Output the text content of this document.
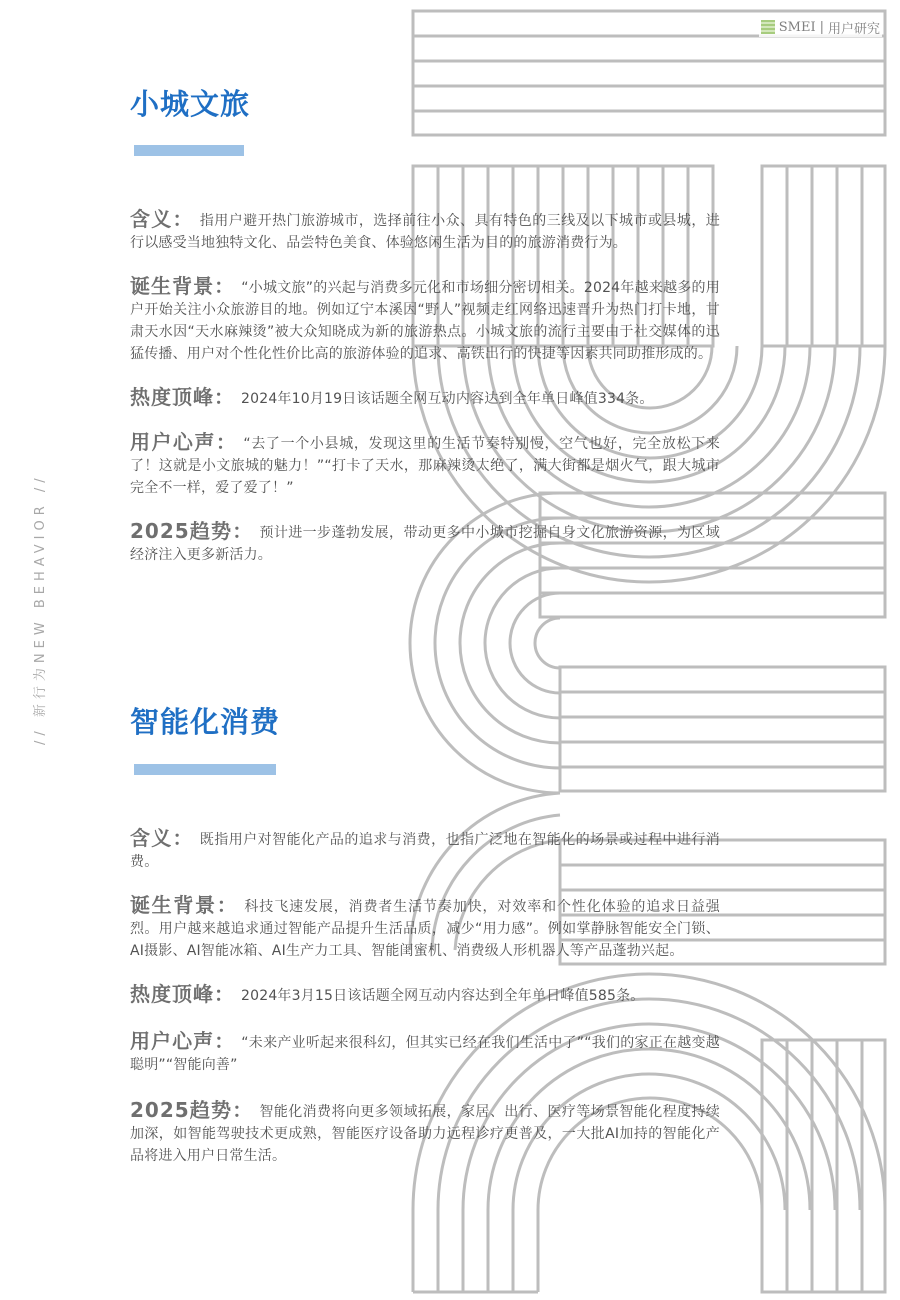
SMEI | 用户研究
// 新行为NEW BEHAVIOR //
小城文旅

含义： 指用户避开热门旅游城市，选择前往小众、具有特色的三线及以下城市或县城，进行以感受当地独特文化、品尝特色美食、体验悠闲生活为目的的旅游消费行为。

诞生背景： “小城文旅”的兴起与消费多元化和市场细分密切相关。2024年越来越多的用户开始关注小众旅游目的地。例如辽宁本溪因“野人”视频走红网络迅速晋升为热门打卡地，甘肃天水因“天水麻辣烫”被大众知晓成为新的旅游热点。小城文旅的流行主要由于社交媒体的迅猛传播、用户对个性化性价比高的旅游体验的追求、高铁出行的快捷等因素共同助推形成的。

热度顶峰： 2024年10月19日该话题全网互动内容达到全年单日峰值334条。

用户心声： “去了一个小县城，发现这里的生活节奏特别慢，空气也好，完全放松下来了！这就是小文旅城的魅力！”“打卡了天水，那麻辣烫太绝了，满大街都是烟火气，跟大城市完全不一样，爱了爱了！”

2025趋势： 预计进一步蓬勃发展，带动更多中小城市挖掘自身文化旅游资源，为区域经济注入更多新活力。

智能化消费

含义： 既指用户对智能化产品的追求与消费，也指广泛地在智能化的场景或过程中进行消费。

诞生背景： 科技飞速发展，消费者生活节奏加快，对效率和个性化体验的追求日益强烈。用户越来越追求通过智能产品提升生活品质，减少“用力感”。例如掌静脉智能安全门锁、AI摄影、AI智能冰箱、AI生产力工具、智能闺蜜机、消费级人形机器人等产品蓬勃兴起。

热度顶峰： 2024年3月15日该话题全网互动内容达到全年单日峰值585条。

用户心声： “未来产业听起来很科幻，但其实已经在我们生活中了”“我们的家正在越变越聪明”“智能向善”

2025趋势： 智能化消费将向更多领域拓展，家居、出行、医疗等场景智能化程度持续加深，如智能驾驶技术更成熟，智能医疗设备助力远程诊疗更普及，一大批AI加持的智能化产品将进入用户日常生活。
